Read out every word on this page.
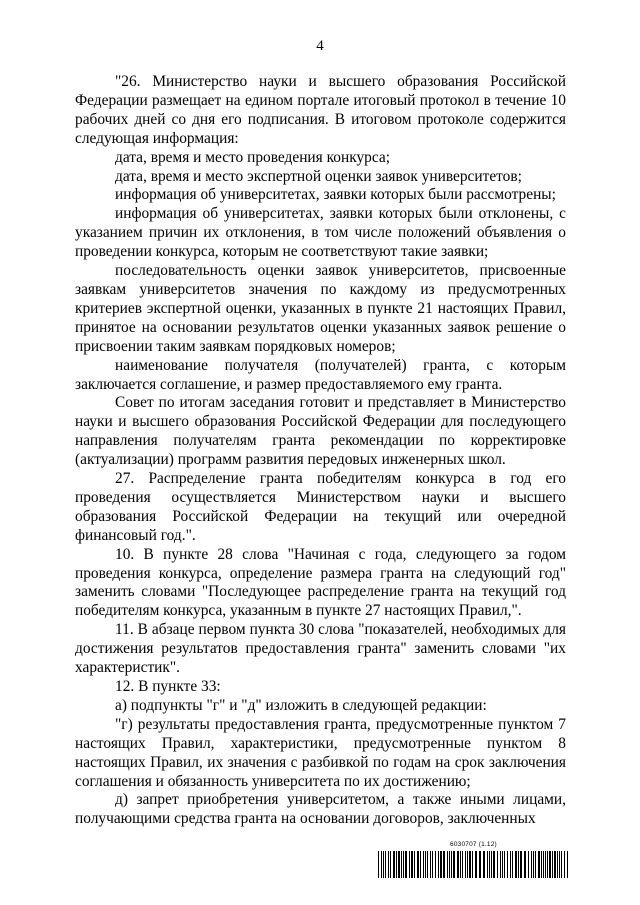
4

"26. Министерство науки и высшего образования Российской Федерации размещает на едином портале итоговый протокол в течение 10 рабочих дней со дня его подписания. В итоговом протоколе содержится следующая информация:

дата, время и место проведения конкурса;

дата, время и место экспертной оценки заявок университетов;

информация об университетах, заявки которых были рассмотрены;

информация об университетах, заявки которых были отклонены, с указанием причин их отклонения, в том числе положений объявления о проведении конкурса, которым не соответствуют такие заявки;

последовательность оценки заявок университетов, присвоенные заявкам университетов значения по каждому из предусмотренных критериев экспертной оценки, указанных в пункте 21 настоящих Правил, принятое на основании результатов оценки указанных заявок решение о присвоении таким заявкам порядковых номеров;

наименование получателя (получателей) гранта, с которым заключается соглашение, и размер предоставляемого ему гранта.

Совет по итогам заседания готовит и представляет в Министерство науки и высшего образования Российской Федерации для последующего направления получателям гранта рекомендации по корректировке (актуализации) программ развития передовых инженерных школ.

27. Распределение гранта победителям конкурса в год его проведения осуществляется Министерством науки и высшего образования Российской Федерации на текущий или очередной финансовый год.".

10. В пункте 28 слова "Начиная с года, следующего за годом проведения конкурса, определение размера гранта на следующий год" заменить словами "Последующее распределение гранта на текущий год победителям конкурса, указанным в пункте 27 настоящих Правил,".

11. В абзаце первом пункта 30 слова "показателей, необходимых для достижения результатов предоставления гранта" заменить словами "их характеристик".

12. В пункте 33:

а) подпункты "г" и "д" изложить в следующей редакции:

"г) результаты предоставления гранта, предусмотренные пунктом 7 настоящих Правил, характеристики, предусмотренные пунктом 8 настоящих Правил, их значения с разбивкой по годам на срок заключения соглашения и обязанность университета по их достижению;

д) запрет приобретения университетом, а также иными лицами, получающими средства гранта на основании договоров, заключенных

6030707 (1.12)
